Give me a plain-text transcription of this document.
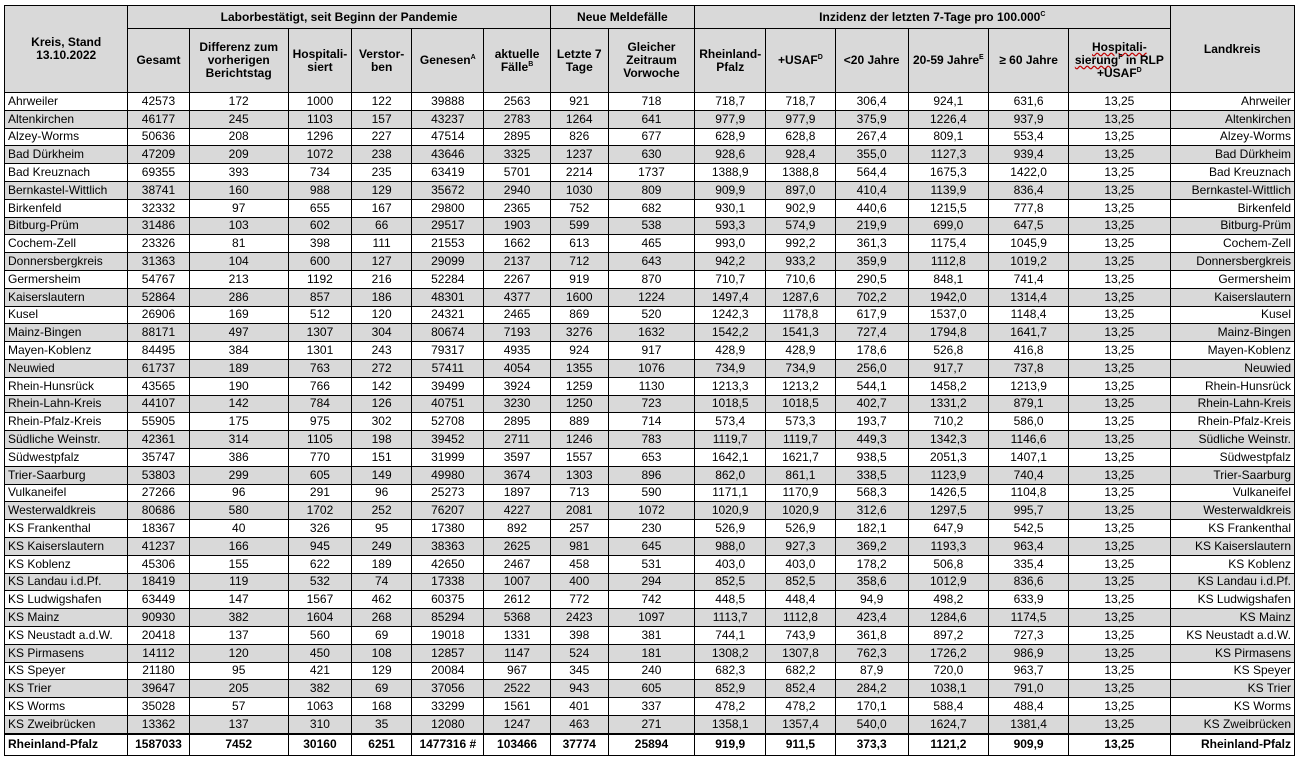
Kreis, Stand 13.10.2022	Laborbestätigt, seit Beginn der Pandemie						Neue Meldefälle		Inzidenz der letzten 7-Tage pro $100.000^C$						Landkreis
	Gesamt	Differenz zum vorherigen Berichtstag	Hospitali-siert	Verstor-ben	Genesen$^A$	aktuelle Fälle$^B$	Letzte 7 Tage	Gleicher Zeitraum Vorwoche	Rheinland-Pfalz	$+USAF^D$	<20 Jahre	20-59 Jahre$^E$	≥ 60 Jahre	Hospitali-
sierung$^F$ in RLP $+USAF^D$
Ahrweiler	42573	172	1000	122	39888	2563	921	718	718,7	718,7	306,4	924,1	631,6	13,25	Ahrweiler
Altenkirchen	46177	245	1103	157	43237	2783	1264	641	977,9	977,9	375,9	1226,4	937,9	13,25	Altenkirchen
Alzey-Worms	50636	208	1296	227	47514	2895	826	677	628,9	628,8	267,4	809,1	553,4	13,25	Alzey-Worms
Bad Dürkheim	47209	209	1072	238	43646	3325	1237	630	928,6	928,4	355,0	1127,3	939,4	13,25	Bad Dürkheim
Bad Kreuznach	69355	393	734	235	63419	5701	2214	1737	1388,9	1388,8	564,4	1675,3	1422,0	13,25	Bad Kreuznach
Bernkastel-Wittlich	38741	160	988	129	35672	2940	1030	809	909,9	897,0	410,4	1139,9	836,4	13,25	Bernkastel-Wittlich
Birkenfeld	32332	97	655	167	29800	2365	752	682	930,1	902,9	440,6	1215,5	777,8	13,25	Birkenfeld
Bitburg-Prüm	31486	103	602	66	29517	1903	599	538	593,3	574,9	219,9	699,0	647,5	13,25	Bitburg-Prüm
Cochem-Zell	23326	81	398	111	21553	1662	613	465	993,0	992,2	361,3	1175,4	1045,9	13,25	Cochem-Zell
Donnersbergkreis	31363	104	600	127	29099	2137	712	643	942,2	933,2	359,9	1112,8	1019,2	13,25	Donnersbergkreis
Germersheim	54767	213	1192	216	52284	2267	919	870	710,7	710,6	290,5	848,1	741,4	13,25	Germersheim
Kaiserslautern	52864	286	857	186	48301	4377	1600	1224	1497,4	1287,6	702,2	1942,0	1314,4	13,25	Kaiserslautern
Kusel	26906	169	512	120	24321	2465	869	520	1242,3	1178,8	617,9	1537,0	1148,4	13,25	Kusel
Mainz-Bingen	88171	497	1307	304	80674	7193	3276	1632	1542,2	1541,3	727,4	1794,8	1641,7	13,25	Mainz-Bingen
Mayen-Koblenz	84495	384	1301	243	79317	4935	924	917	428,9	428,9	178,6	526,8	416,8	13,25	Mayen-Koblenz
Neuwied	61737	189	763	272	57411	4054	1355	1076	734,9	734,9	256,0	917,7	737,8	13,25	Neuwied
Rhein-Hunsrück	43565	190	766	142	39499	3924	1259	1130	1213,3	1213,2	544,1	1458,2	1213,9	13,25	Rhein-Hunsrück
Rhein-Lahn-Kreis	44107	142	784	126	40751	3230	1250	723	1018,5	1018,5	402,7	1331,2	879,1	13,25	Rhein-Lahn-Kreis
Rhein-Pfalz-Kreis	55905	175	975	302	52708	2895	889	714	573,4	573,3	193,7	710,2	586,0	13,25	Rhein-Pfalz-Kreis
Südliche Weinstr.	42361	314	1105	198	39452	2711	1246	783	1119,7	1119,7	449,3	1342,3	1146,6	13,25	Südliche Weinstr.
Südwestpfalz	35747	386	770	151	31999	3597	1557	653	1642,1	1621,7	938,5	2051,3	1407,1	13,25	Südwestpfalz
Trier-Saarburg	53803	299	605	149	49980	3674	1303	896	862,0	861,1	338,5	1123,9	740,4	13,25	Trier-Saarburg
Vulkaneifel	27266	96	291	96	25273	1897	713	590	1171,1	1170,9	568,3	1426,5	1104,8	13,25	Vulkaneifel
Westerwaldkreis	80686	580	1702	252	76207	4227	2081	1072	1020,9	1020,9	312,6	1297,5	995,7	13,25	Westerwaldkreis
KS Frankenthal	18367	40	326	95	17380	892	257	230	526,9	526,9	182,1	647,9	542,5	13,25	KS Frankenthal
KS Kaiserslautern	41237	166	945	249	38363	2625	981	645	988,0	927,3	369,2	1193,3	963,4	13,25	KS Kaiserslautern
KS Koblenz	45306	155	622	189	42650	2467	458	531	403,0	403,0	178,2	506,8	335,4	13,25	KS Koblenz
KS Landau i.d.Pf.	18419	119	532	74	17338	1007	400	294	852,5	852,5	358,6	1012,9	836,6	13,25	KS Landau i.d.Pf.
KS Ludwigshafen	63449	147	1567	462	60375	2612	772	742	448,5	448,4	94,9	498,2	633,9	13,25	KS Ludwigshafen
KS Mainz	90930	382	1604	268	85294	5368	2423	1097	1113,7	1112,8	423,4	1284,6	1174,5	13,25	KS Mainz
KS Neustadt a.d.W.	20418	137	560	69	19018	1331	398	381	744,1	743,9	361,8	897,2	727,3	13,25	KS Neustadt a.d.W.
KS Pirmasens	14112	120	450	108	12857	1147	524	181	1308,2	1307,8	762,3	1726,2	986,9	13,25	KS Pirmasens
KS Speyer	21180	95	421	129	20084	967	345	240	682,3	682,2	87,9	720,0	963,7	13,25	KS Speyer
KS Trier	39647	205	382	69	37056	2522	943	605	852,9	852,4	284,2	1038,1	791,0	13,25	KS Trier
KS Worms	35028	57	1063	168	33299	1561	401	337	478,2	478,2	170,1	588,4	488,4	13,25	KS Worms
KS Zweibrücken	13362	137	310	35	12080	1247	463	271	1358,1	1357,4	540,0	1624,7	1381,4	13,25	KS Zweibrücken
Rheinland-Pfalz	1587033	7452	30160	6251	1477316 #	103466	37774	25894	919,9	911,5	373,3	1121,2	909,9	13,25	Rheinland-Pfalz
